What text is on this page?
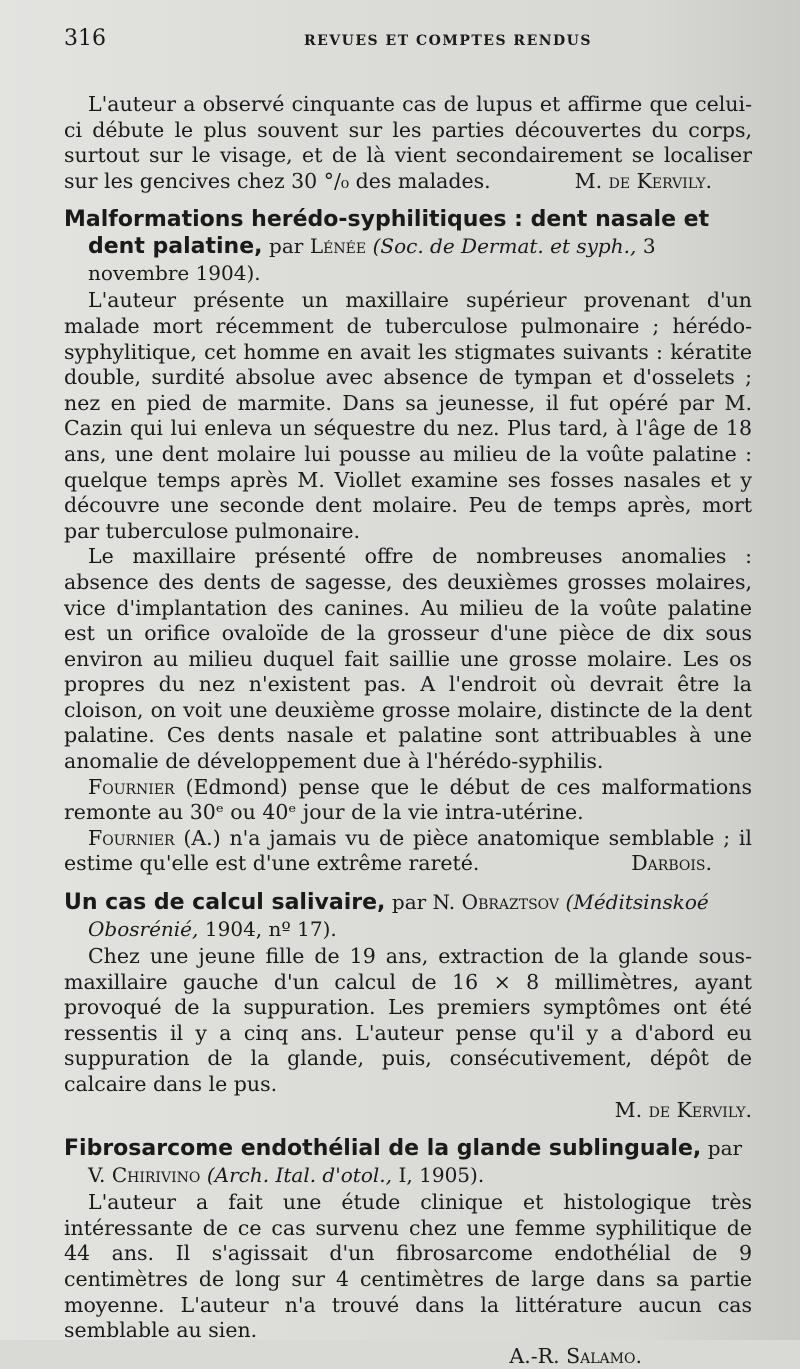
316	REVUES ET COMPTES RENDUS

L'auteur a observé cinquante cas de lupus et affirme que celui-ci débute le plus souvent sur les parties découvertes du corps, surtout sur le visage, et de là vient secondairement se localiser sur les gencives chez 30 °/₀ des malades.	M. de Kervily.

Malformations herédo-syphilitiques : dent nasale et dent palatine, par Lénée (Soc. de Dermat. et syph., 3 novembre 1904).

L'auteur présente un maxillaire supérieur provenant d'un malade mort récemment de tuberculose pulmonaire ; hérédo-syphylitique, cet homme en avait les stigmates suivants : kératite double, surdité absolue avec absence de tympan et d'osselets ; nez en pied de marmite. Dans sa jeunesse, il fut opéré par M. Cazin qui lui enleva un séquestre du nez. Plus tard, à l'âge de 18 ans, une dent molaire lui pousse au milieu de la voûte palatine : quelque temps après M. Viollet examine ses fosses nasales et y découvre une seconde dent molaire. Peu de temps après, mort par tuberculose pulmonaire.

Le maxillaire présenté offre de nombreuses anomalies : absence des dents de sagesse, des deuxièmes grosses molaires, vice d'implantation des canines. Au milieu de la voûte palatine est un orifice ovaloïde de la grosseur d'une pièce de dix sous environ au milieu duquel fait saillie une grosse molaire. Les os propres du nez n'existent pas. A l'endroit où devrait être la cloison, on voit une deuxième grosse molaire, distincte de la dent palatine. Ces dents nasale et palatine sont attribuables à une anomalie de développement due à l'hérédo-syphilis.

Fournier (Edmond) pense que le début de ces malformations remonte au 30ᵉ ou 40ᵉ jour de la vie intra-utérine.

Fournier (A.) n'a jamais vu de pièce anatomique semblable ; il estime qu'elle est d'une extrême rareté.	Darbois.

Un cas de calcul salivaire, par N. Obraztsov (Méditsinskoé Obosrénié, 1904, nº 17).

Chez une jeune fille de 19 ans, extraction de la glande sous-maxillaire gauche d'un calcul de 16 × 8 millimètres, ayant provoqué de la suppuration. Les premiers symptômes ont été ressentis il y a cinq ans. L'auteur pense qu'il y a d'abord eu suppuration de la glande, puis, consécutivement, dépôt de calcaire dans le pus.

M. de Kervily.

Fibrosarcome endothélial de la glande sublinguale, par V. Chirivino (Arch. Ital. d'otol., I, 1905).

L'auteur a fait une étude clinique et histologique très intéressante de ce cas survenu chez une femme syphilitique de 44 ans. Il s'agissait d'un fibrosarcome endothélial de 9 centimètres de long sur 4 centimètres de large dans sa partie moyenne. L'auteur n'a trouvé dans la littérature aucun cas semblable au sien.

A.-R. Salamo.
